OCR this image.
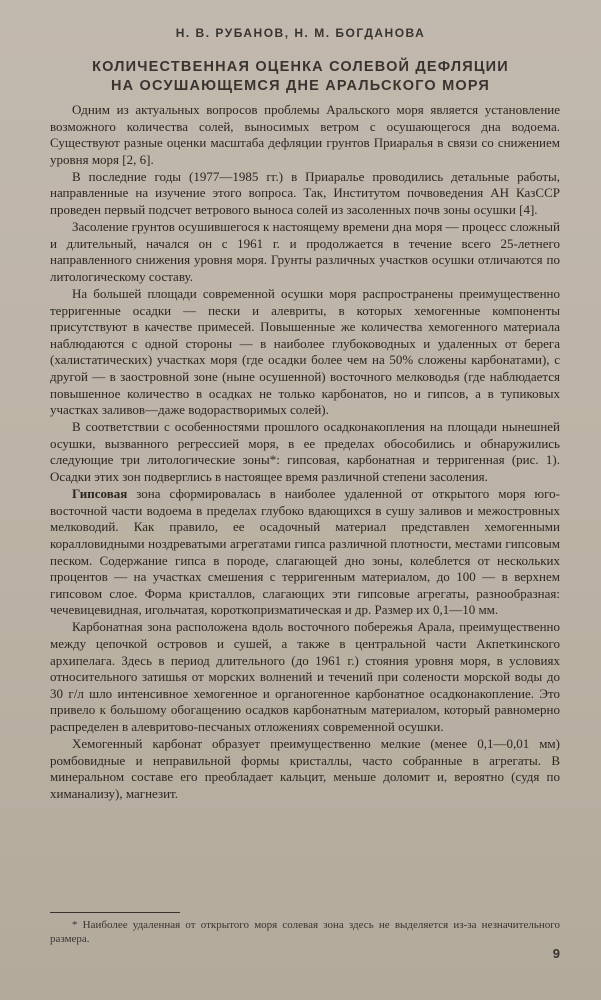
Н. В. РУБАНОВ, Н. М. БОГДАНОВА
КОЛИЧЕСТВЕННАЯ ОЦЕНКА СОЛЕВОЙ ДЕФЛЯЦИИ
НА ОСУШАЮЩЕМСЯ ДНЕ АРАЛЬСКОГО МОРЯ

Одним из актуальных вопросов проблемы Аральского моря является установление возможного количества солей, выносимых ветром с осушающегося дна водоема. Существуют разные оценки масштаба дефляции грунтов Приаралья в связи со снижением уровня моря [2, 6].

В последние годы (1977—1985 гг.) в Приаралье проводились детальные работы, направленные на изучение этого вопроса. Так, Институтом почвоведения АН КазССР проведен первый подсчет ветрового выноса солей из засоленных почв зоны осушки [4].

Засоление грунтов осушившегося к настоящему времени дна моря — процесс сложный и длительный, начался он с 1961 г. и продолжается в течение всего 25-летнего направленного снижения уровня моря. Грунты различных участков осушки отличаются по литологическому составу.

На большей площади современной осушки моря распространены преимущественно терригенные осадки — пески и алевриты, в которых хемогенные компоненты присутствуют в качестве примесей. Повышенные же количества хемогенного материала наблюдаются с одной стороны — в наиболее глубоководных и удаленных от берега (халистатических) участках моря (где осадки более чем на 50% сложены карбонатами), с другой — в заостровной зоне (ныне осушенной) восточного мелководья (где наблюдается повышенное количество в осадках не только карбонатов, но и гипсов, а в тупиковых участках заливов—даже водорастворимых солей).

В соответствии с особенностями прошлого осадконакопления на площади нынешней осушки, вызванного регрессией моря, в ее пределах обособились и обнаружились следующие три литологические зоны*: гипсовая, карбонатная и терригенная (рис. 1). Осадки этих зон подверглись в настоящее время различной степени засоления.

Гипсовая зона сформировалась в наиболее удаленной от открытого моря юго-восточной части водоема в пределах глубоко вдающихся в сушу заливов и межостровных мелководий. Как правило, ее осадочный материал представлен хемогенными коралловидными ноздреватыми агрегатами гипса различной плотности, местами гипсовым песком. Содержание гипса в породе, слагающей дно зоны, колеблется от нескольких процентов — на участках смешения с терригенным материалом, до 100 — в верхнем гипсовом слое. Форма кристаллов, слагающих эти гипсовые агрегаты, разнообразная: чечевицевидная, игольчатая, короткопризматическая и др. Размер их 0,1—10 мм.

Карбонатная зона расположена вдоль восточного побережья Арала, преимущественно между цепочкой островов и сушей, а также в центральной части Акпеткинского архипелага. Здесь в период длительного (до 1961 г.) стояния уровня моря, в условиях относительного затишья от морских волнений и течений при солености морской воды до 30 г/л шло интенсивное хемогенное и органогенное карбонатное осадконакопление. Это привело к большому обогащению осадков карбонатным материалом, который равномерно распределен в алевритово-песчаных отложениях современной осушки.

Хемогенный карбонат образует преимущественно мелкие (менее 0,1—0,01 мм) ромбовидные и неправильной формы кристаллы, часто собранные в агрегаты. В минеральном составе его преобладает кальцит, меньше доломит и, вероятно (судя по химанализу), магнезит.

* Наиболее удаленная от открытого моря солевая зона здесь не выделяется из-за незначительного размера.
9
